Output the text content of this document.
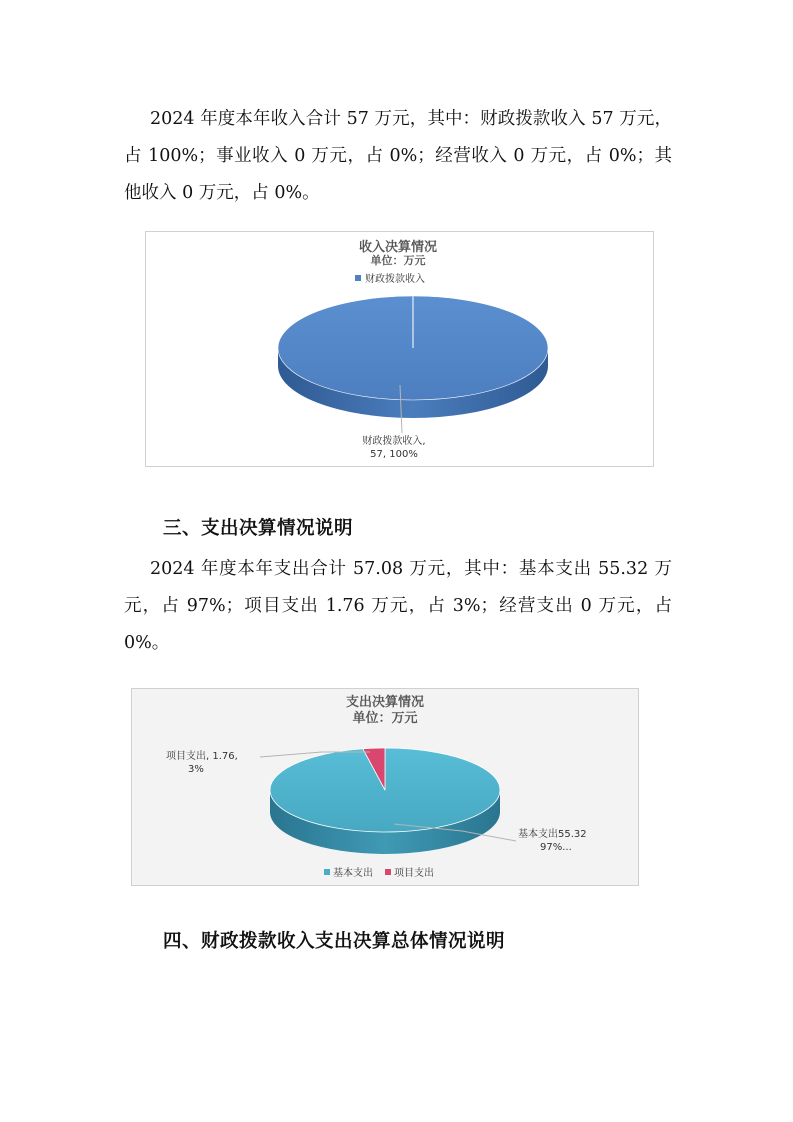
2024 年度本年收入合计 57 万元，其中：财政拨款收入 57 万元，占 100%；事业收入 0 万元，占 0%；经营收入 0 万元，占 0%；其他收入 0 万元，占 0%。

收入决算情况
单位：万元
财政拨款收入
财政拨款收入,
57, 100%
三、支出决算情况说明

2024 年度本年支出合计 57.08 万元，其中：基本支出 55.32 万元，占 97%；项目支出 1.76 万元，占 3%；经营支出 0 万元，占 0%。

支出决算情况
单位：万元
项目支出, 1.76,
3%
基本支出55.32
97%...
基本支出 项目支出
四、财政拨款收入支出决算总体情况说明
